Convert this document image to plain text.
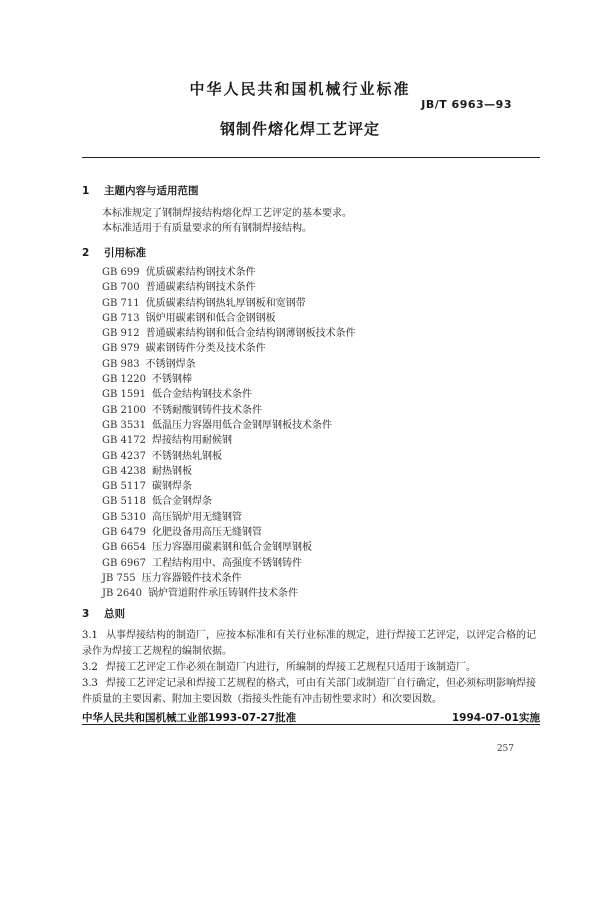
中华人民共和国机械行业标准
JB/T 6963—93
钢制件熔化焊工艺评定
1 主题内容与适用范围
本标准规定了钢制焊接结构熔化焊工艺评定的基本要求。
本标准适用于有质量要求的所有钢制焊接结构。
2 引用标准
GB 699 优质碳素结构钢技术条件
GB 700 普通碳素结构钢技术条件
GB 711 优质碳素结构钢热轧厚钢板和宽钢带
GB 713 锅炉用碳素钢和低合金钢钢板
GB 912 普通碳素结构钢和低合金结构钢薄钢板技术条件
GB 979 碳素钢铸件分类及技术条件
GB 983 不锈钢焊条
GB 1220 不锈钢棒
GB 1591 低合金结构钢技术条件
GB 2100 不锈耐酸钢铸件技术条件
GB 3531 低温压力容器用低合金钢厚钢板技术条件
GB 4172 焊接结构用耐候钢
GB 4237 不锈钢热轧钢板
GB 4238 耐热钢板
GB 5117 碳钢焊条
GB 5118 低合金钢焊条
GB 5310 高压锅炉用无缝钢管
GB 6479 化肥设备用高压无缝钢管
GB 6654 压力容器用碳素钢和低合金钢厚钢板
GB 6967 工程结构用中、高强度不锈钢铸件
JB 755 压力容器锻件技术条件
JB 2640 锅炉管道附件承压铸钢件技术条件
3 总则
3.1 从事焊接结构的制造厂，应按本标准和有关行业标准的规定，进行焊接工艺评定，以评定合格的记录作为焊接工艺规程的编制依据。
3.2 焊接工艺评定工作必须在制造厂内进行，所编制的焊接工艺规程只适用于该制造厂。
3.3 焊接工艺评定记录和焊接工艺规程的格式，可由有关部门或制造厂自行确定，但必须标明影响焊接件质量的主要因素、附加主要因数（指接头性能有冲击韧性要求时）和次要因数。
中华人民共和国机械工业部1993-07-27批准	1994-07-01实施
257
